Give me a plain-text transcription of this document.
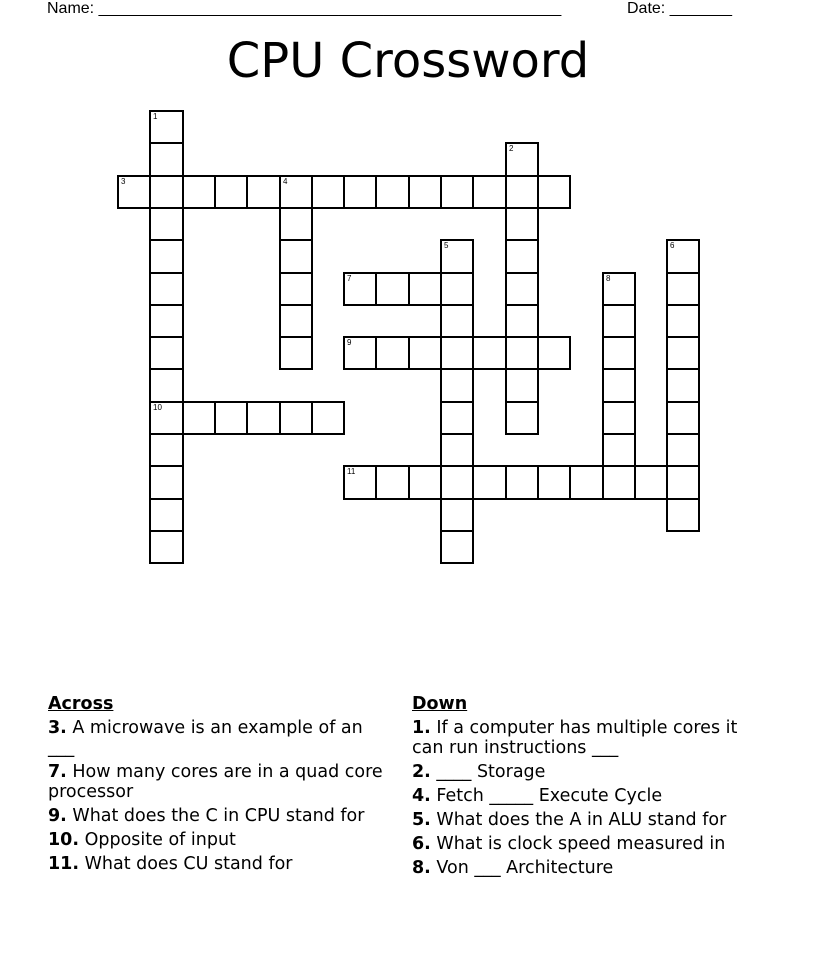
Name: ____________________________________________________	Date: _______
CPU Crossword
1
10
2
3	4
5	6
7	8
9
11
Across
3. A microwave is an example of an ___
7. How many cores are in a quad core processor
9. What does the C in CPU stand for
10. Opposite of input
11. What does CU stand for
Down
1. If a computer has multiple cores it can run instructions ___
2. ____ Storage
4. Fetch _____ Execute Cycle
5. What does the A in ALU stand for
6. What is clock speed measured in
8. Von ___ Architecture
